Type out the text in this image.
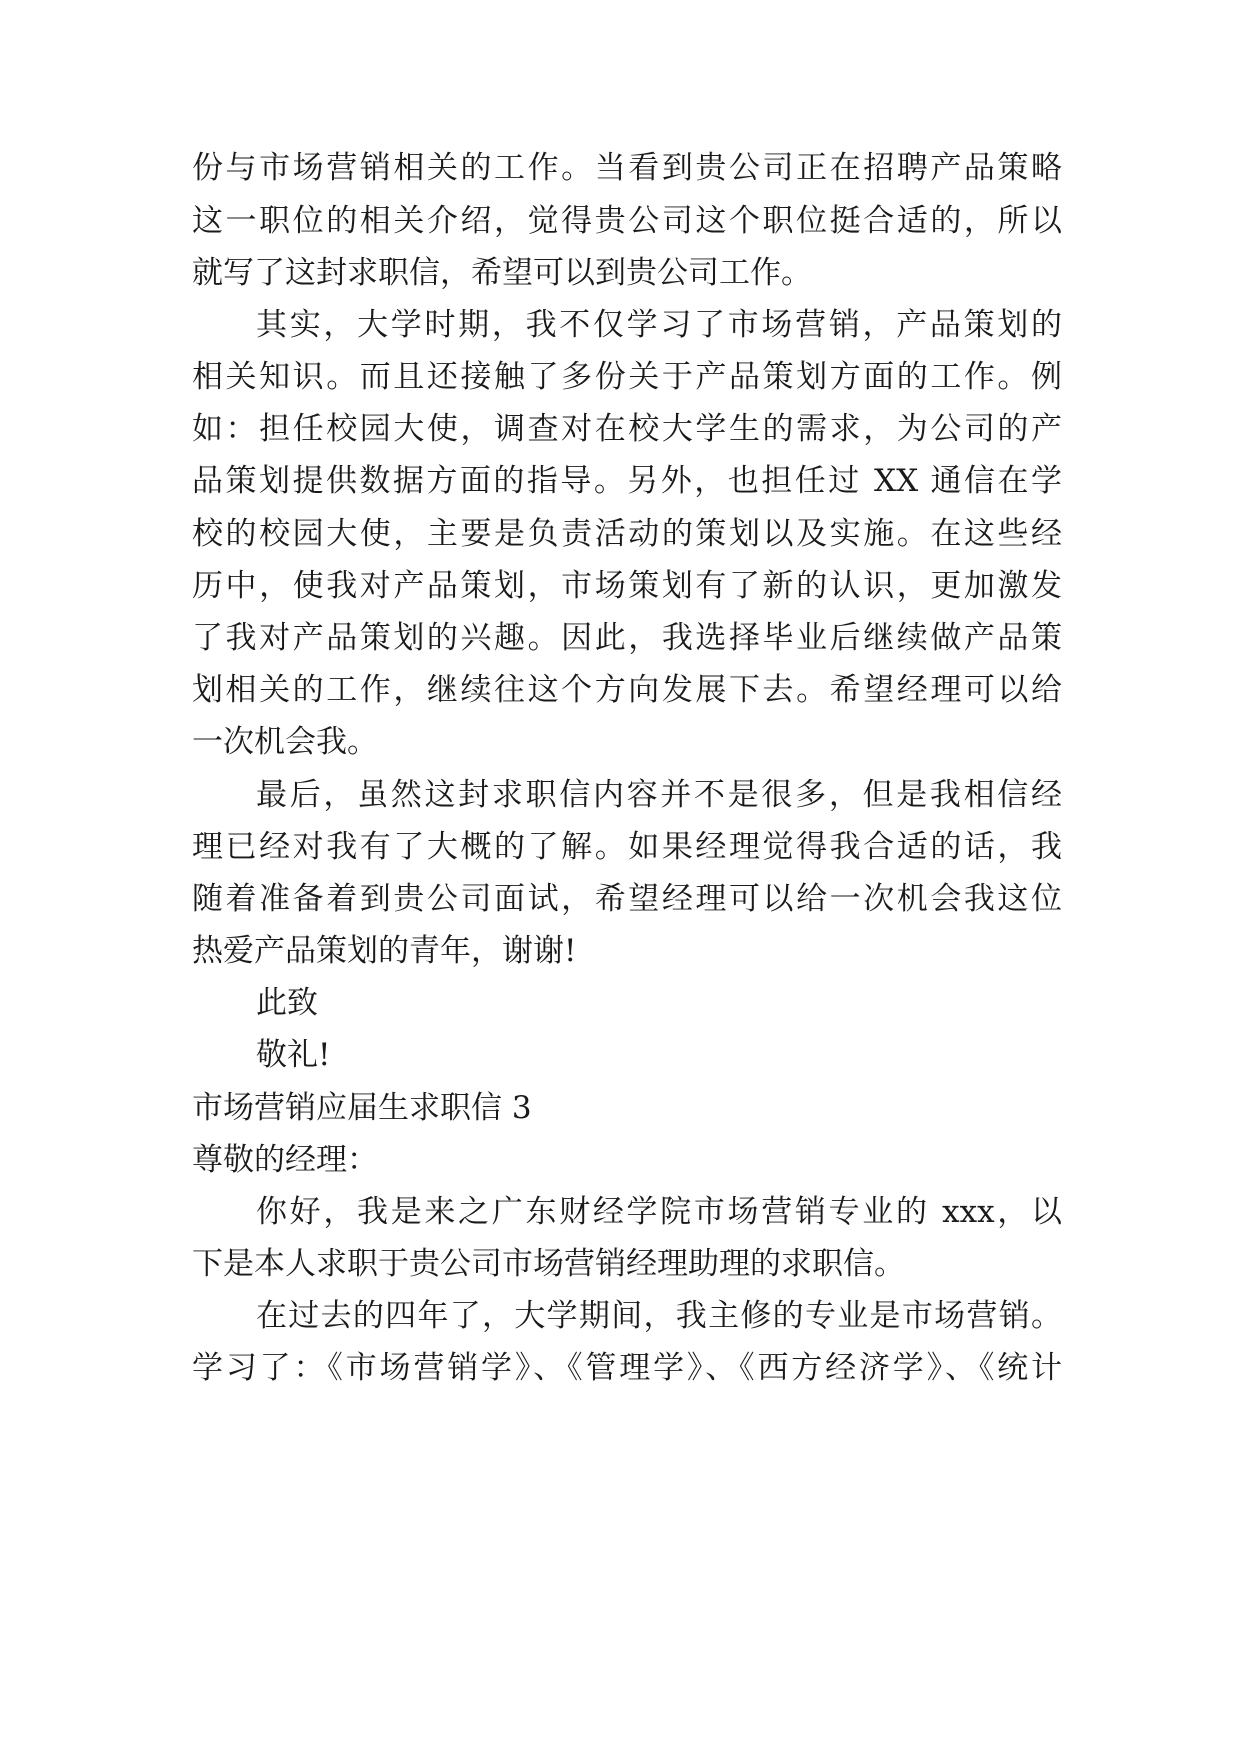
份与市场营销相关的工作。当看到贵公司正在招聘产品策略
这一职位的相关介绍，觉得贵公司这个职位挺合适的，所以
就写了这封求职信，希望可以到贵公司工作。
其实，大学时期，我不仅学习了市场营销，产品策划的
相关知识。而且还接触了多份关于产品策划方面的工作。例
如：担任校园大使，调查对在校大学生的需求，为公司的产
品策划提供数据方面的指导。另外，也担任过 XX 通信在学
校的校园大使，主要是负责活动的策划以及实施。在这些经
历中，使我对产品策划，市场策划有了新的认识，更加激发
了我对产品策划的兴趣。因此，我选择毕业后继续做产品策
划相关的工作，继续往这个方向发展下去。希望经理可以给
一次机会我。
最后，虽然这封求职信内容并不是很多，但是我相信经
理已经对我有了大概的了解。如果经理觉得我合适的话，我
随着准备着到贵公司面试，希望经理可以给一次机会我这位
热爱产品策划的青年，谢谢!
此致
敬礼!
市场营销应届生求职信 3
尊敬的经理：
你好，我是来之广东财经学院市场营销专业的 xxx，以
下是本人求职于贵公司市场营销经理助理的求职信。
在过去的四年了，大学期间，我主修的专业是市场营销。
学习了：《市场营销学》、《管理学》、《西方经济学》、《统计
